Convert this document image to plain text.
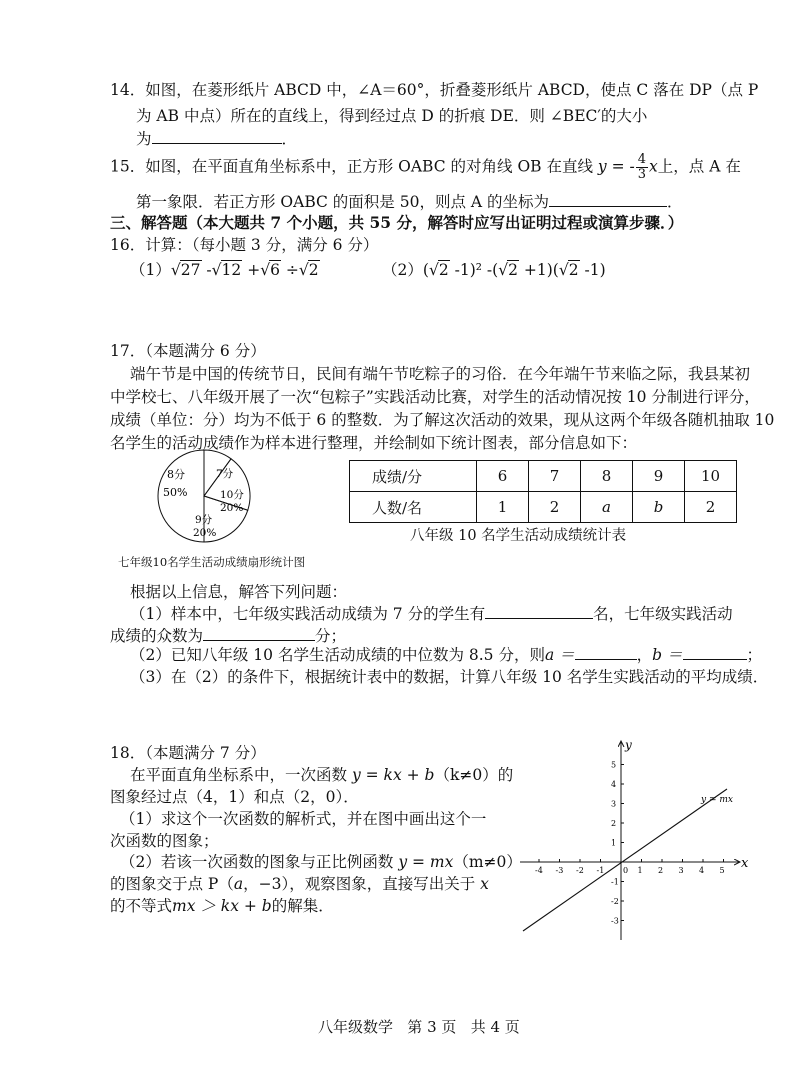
14．如图，在菱形纸片 ABCD 中，∠A＝60°，折叠菱形纸片 ABCD，使点 C 落在 DP（点 P
为 AB 中点）所在的直线上，得到经过点 D 的折痕 DE．则 ∠BEC′的大小
为	．
15．如图，在平面直角坐标系中，正方形 OABC 的对角线 OB 在直线 y = - $\frac{4}{3}$ x上，点 A 在
第一象限．若正方形 OABC 的面积是 50，则点 A 的坐标为	．
三、解答题（本大题共 7 个小题，共 55 分，解答时应写出证明过程或演算步骤．）
16．计算：（每小题 3 分，满分 6 分）
（1）√27 -√12 +√6 ÷√2	（2）(√2 -1)² -(√2 +1)(√2 -1)
17．（本题满分 6 分）
端午节是中国的传统节日，民间有端午节吃粽子的习俗．在今年端午节来临之际，我县某初
中学校七、八年级开展了一次“包粽子”实践活动比赛，对学生的活动情况按 10 分制进行评分，
成绩（单位：分）均为不低于 6 的整数．为了解这次活动的效果，现从这两个年级各随机抽取 10
名学生的活动成绩作为样本进行整理，并绘制如下统计图表，部分信息如下：
8分
50%
7分
10分
20%
9分
20%
七年级10名学生活动成绩扇形统计图
成绩/分	6	7	8	9	10
人数/名	1	2	a	b	2
八年级 10 名学生活动成绩统计表
根据以上信息，解答下列问题：
（1）样本中，七年级实践活动成绩为 7 分的学生有	名，七年级实践活动
成绩的众数为	分；
（2）已知八年级 10 名学生活动成绩的中位数为 8.5 分，则a ＝	，b ＝	；
（3）在（2）的条件下，根据统计表中的数据，计算八年级 10 名学生实践活动的平均成绩．
18．（本题满分 7 分）
在平面直角坐标系中，一次函数 y = kx + b（k≠0）的
图象经过点（4，1）和点（2，0）．
（1）求这个一次函数的解析式，并在图中画出这个一
次函数的图象；
（2）若该一次函数的图象与正比例函数 y = mx（m≠0）
的图象交于点 P（a，−3），观察图象，直接写出关于 x
的不等式mx ＞ kx + b的解集．
-4 -3 -2 -1	1 2 3 4 5
5
4
3
2
1
-1
-2
-3
y = mx
x
y
0
八年级数学   第 3 页   共 4 页
